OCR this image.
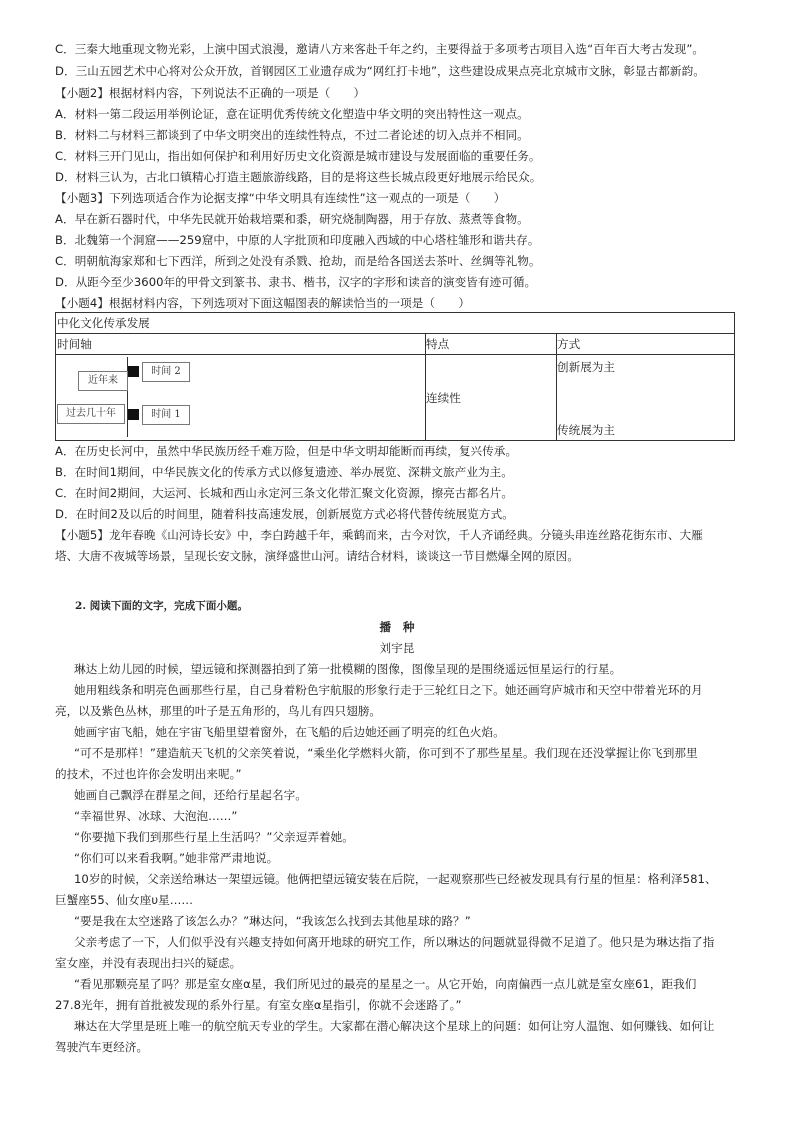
C．三秦大地重现文物光彩，上演中国式浪漫，邀请八方来客赴千年之约，主要得益于多项考古项目入选“百年百大考古发现”。
D．三山五园艺术中心将对公众开放，首钢园区工业遗存成为“网红打卡地”，这些建设成果点亮北京城市文脉，彰显古都新韵。
【小题2】根据材料内容，下列说法不正确的一项是（　　）
A．材料一第二段运用举例论证，意在证明优秀传统文化塑造中华文明的突出特性这一观点。
B．材料二与材料三都谈到了中华文明突出的连续性特点，不过二者论述的切入点并不相同。
C．材料三开门见山，指出如何保护和利用好历史文化资源是城市建设与发展面临的重要任务。
D．材料三认为，古北口镇精心打造主题旅游线路，目的是将这些长城点段更好地展示给民众。
【小题3】下列选项适合作为论据支撑“中华文明具有连续性”这一观点的一项是（　　）
A．早在新石器时代，中华先民就开始栽培粟和黍，研究烧制陶器，用于存放、蒸煮等食物。
B．北魏第一个洞窟——259窟中，中原的人字批顶和印度融入西域的中心塔柱雏形和谐共存。
C．明朝航海家郑和七下西洋，所到之处没有杀戮、抢劫，而是给各国送去茶叶、丝绸等礼物。
D．从距今至少3600年的甲骨文到篆书、隶书、楷书，汉字的字形和读音的演变皆有迹可循。
【小题4】根据材料内容，下列选项对下面这幅图表的解读恰当的一项是（　　）
中化文化传承发展
时间轴	特点	方式
近年来
过去几十年
时间 2
时间 1
连续性
创新展为主
传统展为主
A．在历史长河中，虽然中华民族历经千难万险，但是中华文明却能断而再续，复兴传承。
B．在时间1期间，中华民族文化的传承方式以修复遗迹、举办展览、深耕文旅产业为主。
C．在时间2期间，大运河、长城和西山永定河三条文化带汇聚文化资源，擦亮古都名片。
D．在时间2及以后的时间里，随着科技高速发展，创新展览方式必将代替传统展览方式。
【小题5】龙年春晚《山河诗长安》中，李白跨越千年，乘鹤而来，古今对饮，千人齐诵经典。分镜头串连丝路花街东市、大雁
塔、大唐不夜城等场景，呈现长安文脉，演绎盛世山河。请结合材料，谈谈这一节目燃爆全网的原因。
2. 阅读下面的文字，完成下面小题。
播　种
刘宇昆
琳达上幼儿园的时候，望远镜和探测器拍到了第一批模糊的图像，图像呈现的是围绕遥远恒星运行的行星。
她用粗线条和明亮色画那些行星，自己身着粉色宇航服的形象行走于三轮红日之下。她还画穹庐城市和天空中带着光环的月
亮，以及紫色丛林，那里的叶子是五角形的，鸟儿有四只翅膀。
她画宇宙飞船，她在宇宙飞船里望着窗外，在飞船的后边她还画了明亮的红色火焰。
“可不是那样！”建造航天飞机的父亲笑着说，“乘坐化学燃料火箭，你可到不了那些星星。我们现在还没掌握让你飞到那里
的技术，不过也许你会发明出来呢。”
她画自己飘浮在群星之间，还给行星起名字。
“幸福世界、冰球、大泡泡……”
“你要抛下我们到那些行星上生活吗？”父亲逗弄着她。
“你们可以来看我啊。”她非常严肃地说。
10岁的时候，父亲送给琳达一架望远镜。他俩把望远镜安装在后院，一起观察那些已经被发现具有行星的恒星：格利泽581、
巨蟹座55、仙女座υ星……
“要是我在太空迷路了该怎么办？”琳达问，“我该怎么找到去其他星球的路？”
父亲考虑了一下，人们似乎没有兴趣支持如何离开地球的研究工作，所以琳达的问题就显得微不足道了。他只是为琳达指了指
室女座，并没有表现出扫兴的疑虑。
“看见那颗亮星了吗？那是室女座α星，我们所见过的最亮的星星之一。从它开始，向南偏西一点儿就是室女座61，距我们
27.8光年，拥有首批被发现的系外行星。有室女座α星指引，你就不会迷路了。”
琳达在大学里是班上唯一的航空航天专业的学生。大家都在潜心解决这个星球上的问题：如何让穷人温饱、如何赚钱、如何让
驾驶汽车更经济。
